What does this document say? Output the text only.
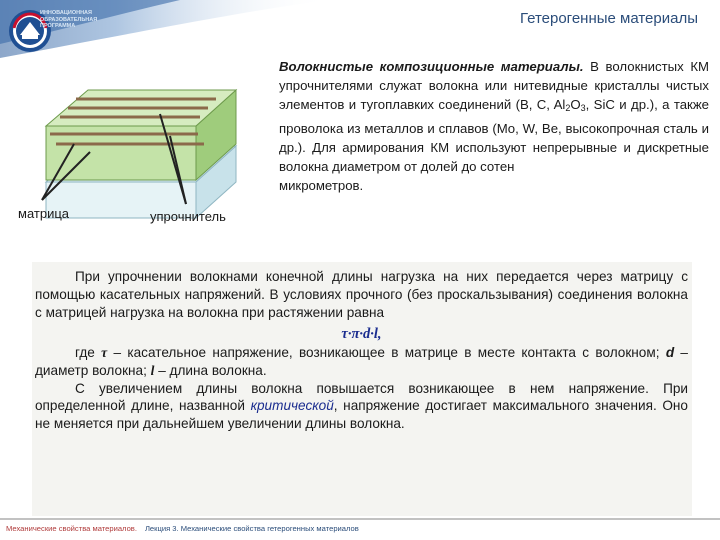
ИННОВАЦИОННАЯ ОБРАЗОВАТЕЛЬНАЯ ПРОГРАММА	Гетерогенные материалы
матрица	упрочнитель
Волокнистые композиционные материалы. В волокнистых КМ упрочнителями служат волокна или нитевидные кристаллы чистых элементов и тугоплавких соединений (B, C, $Al_2O_3$, SiC и др.), а также проволока из металлов и сплавов (Mo, W, Be, высокопрочная сталь и др.). Для армирования КМ используют непрерывные и дискретные волокна диаметром от долей до сотен
микрометров.

При упрочнении волокнами конечной длины нагрузка на них передается через матрицу с помощью касательных напряжений. В условиях прочного (без проскальзывания) соединения волокна с матрицей нагрузка на волокна при растяжении равна

τ·π·d·l,

где τ – касательное напряжение, возникающее в матрице в месте контакта с волокном; d – диаметр волокна; l – длина волокна.

С увеличением длины волокна повышается возникающее в нем напряжение. При определенной длине, названной критической, напряжение достигает максимального значения. Оно не меняется при дальнейшем увеличении длины волокна.

Механические свойства материалов. Лекция 3. Механические свойства гетерогенных материалов
